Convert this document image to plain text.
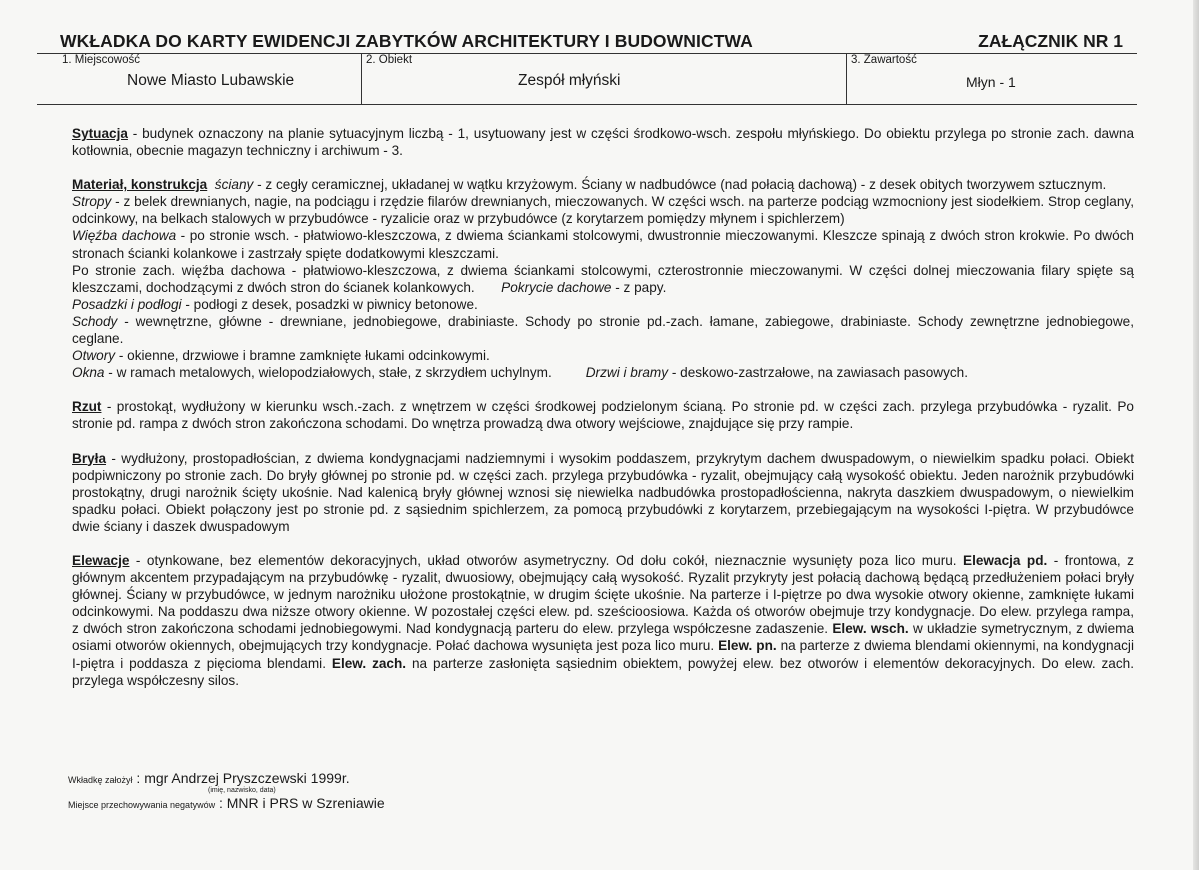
WKŁADKA DO KARTY EWIDENCJI ZABYTKÓW ARCHITEKTURY I BUDOWNICTWA	ZAŁĄCZNIK NR 1
1. Miejscowość
Nowe Miasto Lubawskie
2. Obiekt
Zespół młyński
3. Zawartość
Młyn - 1

Sytuacja - budynek oznaczony na planie sytuacyjnym liczbą - 1, usytuowany jest w części środkowo-wsch. zespołu młyńskiego. Do obiektu przylega po stronie zach. dawna kotłownia, obecnie magazyn techniczny i archiwum - 3.

Materiał, konstrukcja ściany - z cegły ceramicznej, układanej w wątku krzyżowym. Ściany w nadbudówce (nad połacią dachową) - z desek obitych tworzywem sztucznym.

Stropy - z belek drewnianych, nagie, na podciągu i rzędzie filarów drewnianych, mieczowanych. W części wsch. na parterze podciąg wzmocniony jest siodełkiem. Strop ceglany, odcinkowy, na belkach stalowych w przybudówce - ryzalicie oraz w przybudówce (z korytarzem pomiędzy młynem i spichlerzem)

Więźba dachowa - po stronie wsch. - płatwiowo-kleszczowa, z dwiema ściankami stolcowymi, dwustronnie mieczowanymi. Kleszcze spinają z dwóch stron krokwie. Po dwóch stronach ścianki kolankowe i zastrzały spięte dodatkowymi kleszczami.

Po stronie zach. więźba dachowa - płatwiowo-kleszczowa, z dwiema ściankami stolcowymi, czterostronnie mieczowanymi. W części dolnej mieczowania filary spięte są kleszczami, dochodzącymi z dwóch stron do ścianek kolankowych. Pokrycie dachowe - z papy.

Posadzki i podłogi - podłogi z desek, posadzki w piwnicy betonowe.

Schody - wewnętrzne, główne - drewniane, jednobiegowe, drabiniaste. Schody po stronie pd.-zach. łamane, zabiegowe, drabiniaste. Schody zewnętrzne jednobiegowe, ceglane.

Otwory - okienne, drzwiowe i bramne zamknięte łukami odcinkowymi.

Okna - w ramach metalowych, wielopodziałowych, stałe, z skrzydłem uchylnym.	Drzwi i bramy - deskowo-zastrzałowe, na zawiasach pasowych.

Rzut - prostokąt, wydłużony w kierunku wsch.-zach. z wnętrzem w części środkowej podzielonym ścianą. Po stronie pd. w części zach. przylega przybudówka - ryzalit. Po stronie pd. rampa z dwóch stron zakończona schodami. Do wnętrza prowadzą dwa otwory wejściowe, znajdujące się przy rampie.

Bryła - wydłużony, prostopadłościan, z dwiema kondygnacjami nadziemnymi i wysokim poddaszem, przykrytym dachem dwuspadowym, o niewielkim spadku połaci. Obiekt podpiwniczony po stronie zach. Do bryły głównej po stronie pd. w części zach. przylega przybudówka - ryzalit, obejmujący całą wysokość obiektu. Jeden narożnik przybudówki prostokątny, drugi narożnik ścięty ukośnie. Nad kalenicą bryły głównej wznosi się niewielka nadbudówka prostopadłościenna, nakryta daszkiem dwuspadowym, o niewielkim spadku połaci. Obiekt połączony jest po stronie pd. z sąsiednim spichlerzem, za pomocą przybudówki z korytarzem, przebiegającym na wysokości I-piętra. W przybudówce dwie ściany i daszek dwuspadowym

Elewacje - otynkowane, bez elementów dekoracyjnych, układ otworów asymetryczny. Od dołu cokół, nieznacznie wysunięty poza lico muru. Elewacja pd. - frontowa, z głównym akcentem przypadającym na przybudówkę - ryzalit, dwuosiowy, obejmujący całą wysokość. Ryzalit przykryty jest połacią dachową będącą przedłużeniem połaci bryły głównej. Ściany w przybudówce, w jednym narożniku ułożone prostokątnie, w drugim ścięte ukośnie. Na parterze i I-piętrze po dwa wysokie otwory okienne, zamknięte łukami odcinkowymi. Na poddaszu dwa niższe otwory okienne. W pozostałej części elew. pd. sześcioosiowa. Każda oś otworów obejmuje trzy kondygnacje. Do elew. przylega rampa, z dwóch stron zakończona schodami jednobiegowymi. Nad kondygnacją parteru do elew. przylega współczesne zadaszenie. Elew. wsch. w układzie symetrycznym, z dwiema osiami otworów okiennych, obejmujących trzy kondygnacje. Połać dachowa wysunięta jest poza lico muru. Elew. pn. na parterze z dwiema blendami okiennymi, na kondygnacji I-piętra i poddasza z pięcioma blendami. Elew. zach. na parterze zasłonięta sąsiednim obiektem, powyżej elew. bez otworów i elementów dekoracyjnych. Do elew. zach. przylega współczesny silos.

Wkładkę założył : mgr Andrzej Pryszczewski 1999r.
(imię, nazwisko, data)
Miejsce przechowywania negatywów : MNR i PRS w Szreniawie
